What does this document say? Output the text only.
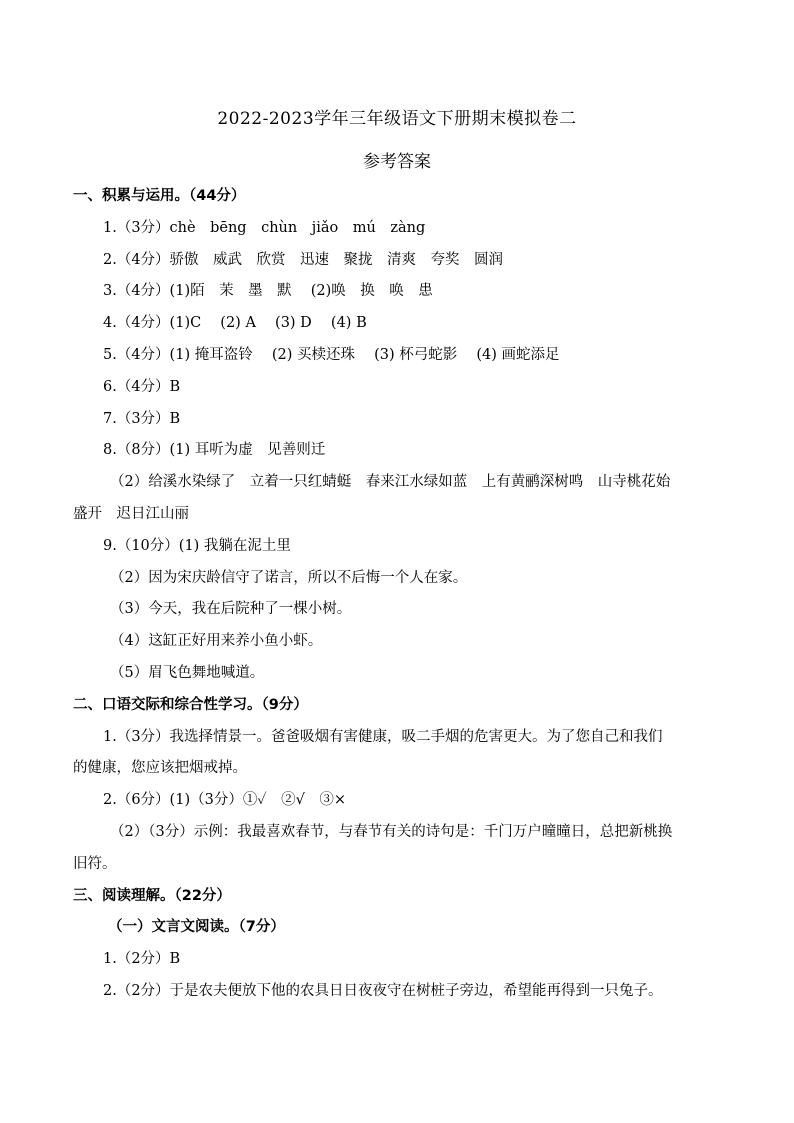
2022-2023学年三年级语文下册期末模拟卷二
参考答案
一、积累与运用。（44分）
1.（3分）chè　bēng　chùn　jiǎo　mú　zàng
2.（4分）骄傲　威武　欣赏　迅速　聚拢　清爽　夸奖　圆润
3.（4分）(1)陌　茉　墨　默　 (2)唤　换　唤　患
4.（4分）(1)C　 (2) A　 (3) D　 (4) B
5.（4分）(1) 掩耳盗铃　 (2) 买椟还珠　 (3) 杯弓蛇影　 (4) 画蛇添足
6.（4分）B
7.（3分）B
8.（8分）(1) 耳听为虚　见善则迁
（2）给溪水染绿了　立着一只红蜻蜓　春来江水绿如蓝　上有黄鹂深树鸣　山寺桃花始
盛开　迟日江山丽
9.（10分）(1) 我躺在泥土里
（2）因为宋庆龄信守了诺言，所以不后悔一个人在家。
（3）今天，我在后院种了一棵小树。
（4）这缸正好用来养小鱼小虾。
（5）眉飞色舞地喊道。
二、口语交际和综合性学习。（9分）
1.（3分）我选择情景一。爸爸吸烟有害健康，吸二手烟的危害更大。为了您自己和我们
的健康，您应该把烟戒掉。
2.（6分）(1)（3分）①✓　②√　③×
（2）（3分）示例：我最喜欢春节，与春节有关的诗句是：千门万户曈曈日，总把新桃换
旧符。
三、阅读理解。（22分）
（一）文言文阅读。（7分）
1.（2分）B
2.（2分）于是农夫便放下他的农具日日夜夜守在树桩子旁边，希望能再得到一只兔子。
